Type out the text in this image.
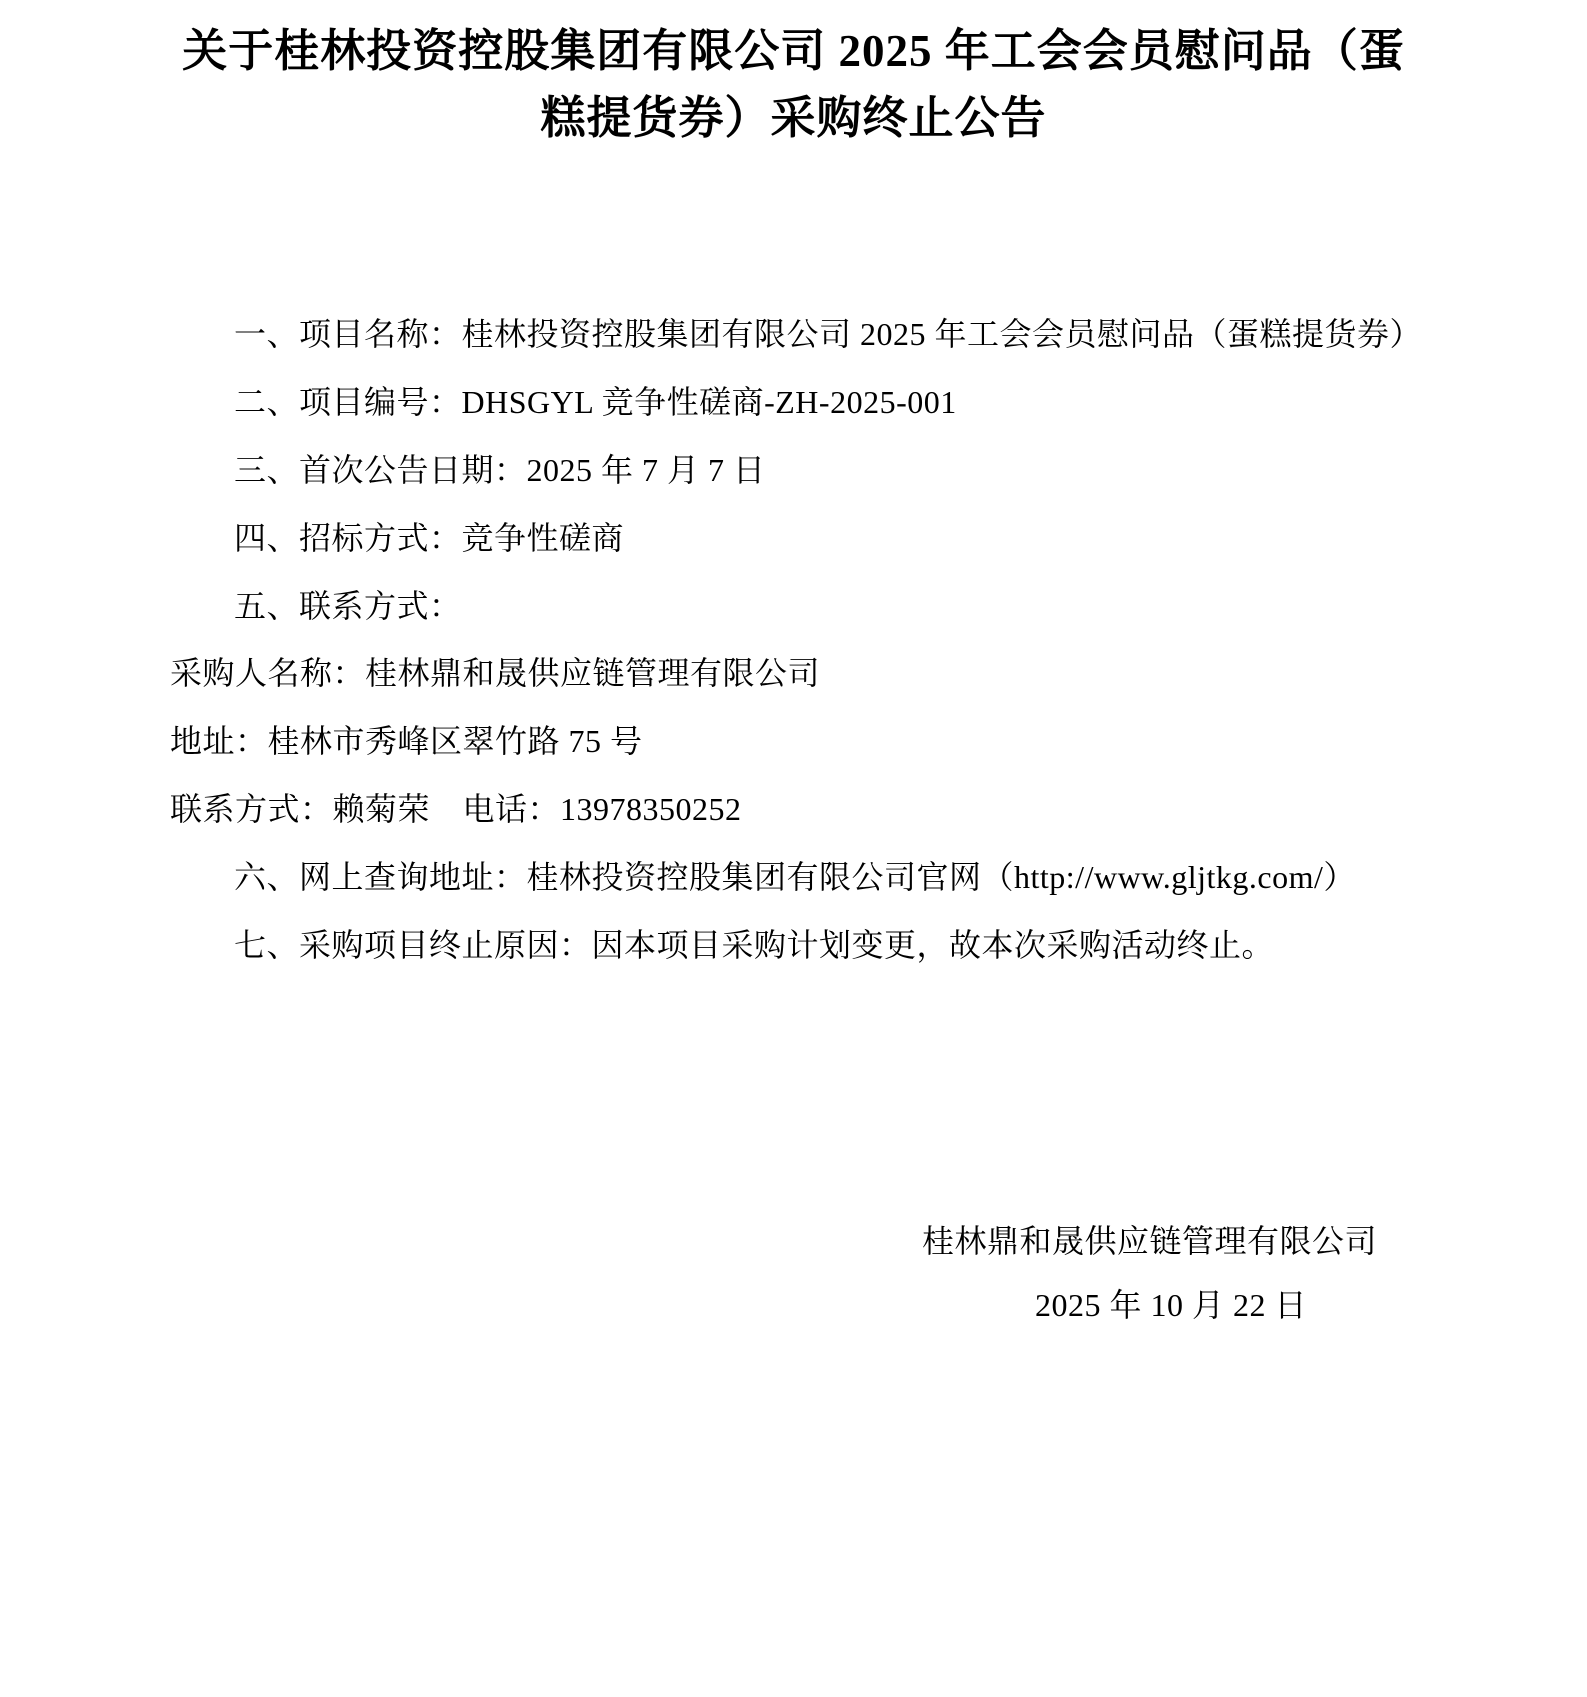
关于桂林投资控股集团有限公司 2025 年工会会员慰问品（蛋糕提货券）采购终止公告

一、项目名称：桂林投资控股集团有限公司 2025 年工会会员慰问品（蛋糕提货券）

二、项目编号：DHSGYL 竞争性磋商-ZH-2025-001

三、首次公告日期：2025 年 7 月 7 日

四、招标方式：竞争性磋商

五、联系方式：

采购人名称：桂林鼎和晟供应链管理有限公司

地址：桂林市秀峰区翠竹路 75 号

联系方式：赖菊荣　电话：13978350252

六、网上查询地址：桂林投资控股集团有限公司官网（http://www.gljtkg.com/）

七、采购项目终止原因：因本项目采购计划变更，故本次采购活动终止。

桂林鼎和晟供应链管理有限公司

2025 年 10 月 22 日
